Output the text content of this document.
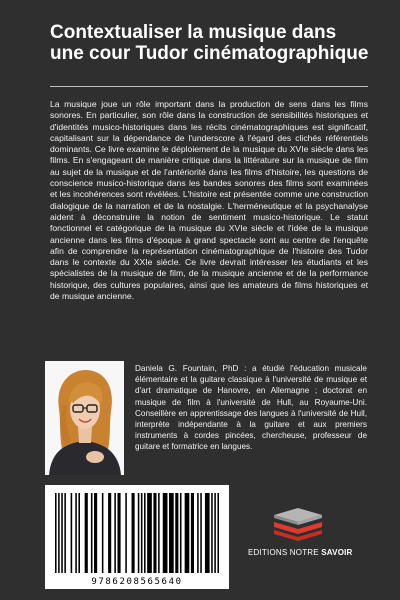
Contextualiser la musique dans une cour Tudor cinématographique

La musique joue un rôle important dans la production de sens dans les films sonores. En particulier, son rôle dans la construction de sensibilités historiques et d'identités musico-historiques dans les récits cinématographiques est significatif, capitalisant sur la dépendance de l'underscore à l'égard des clichés référentiels dominants. Ce livre examine le déploiement de la musique du XVIe siècle dans les films. En s'engageant de manière critique dans la littérature sur la musique de film au sujet de la musique et de l'antériorité dans les films d'histoire, les questions de conscience musico-historique dans les bandes sonores des films sont examinées et les incohérences sont révélées. L'histoire est présentée comme une construction dialogique de la narration et de la nostalgie. L'herméneutique et la psychanalyse aident à déconstruire la notion de sentiment musico-historique. Le statut fonctionnel et catégorique de la musique du XVIe siècle et l'idée de la musique ancienne dans les films d'époque à grand spectacle sont au centre de l'enquête afin de comprendre la représentation cinématographique de l'histoire des Tudor dans le contexte du XXIe siècle. Ce livre devrait intéresser les étudiants et les spécialistes de la musique de film, de la musique ancienne et de la performance historique, des cultures populaires, ainsi que les amateurs de films historiques et de musique ancienne.

Daniela G. Fountain, PhD : a étudié l'éducation musicale élémentaire et la guitare classique à l'université de musique et d'art dramatique de Hanovre, en Allemagne ; doctorat en musique de film à l'université de Hull, au Royaume-Uni. Conseillère en apprentissage des langues à l'université de Hull, interprète indépendante à la guitare et aux premiers instruments à cordes pincées, chercheuse, professeur de guitare et formatrice en langues.

9786208565640
EDITIONS NOTRE SAVOIR
